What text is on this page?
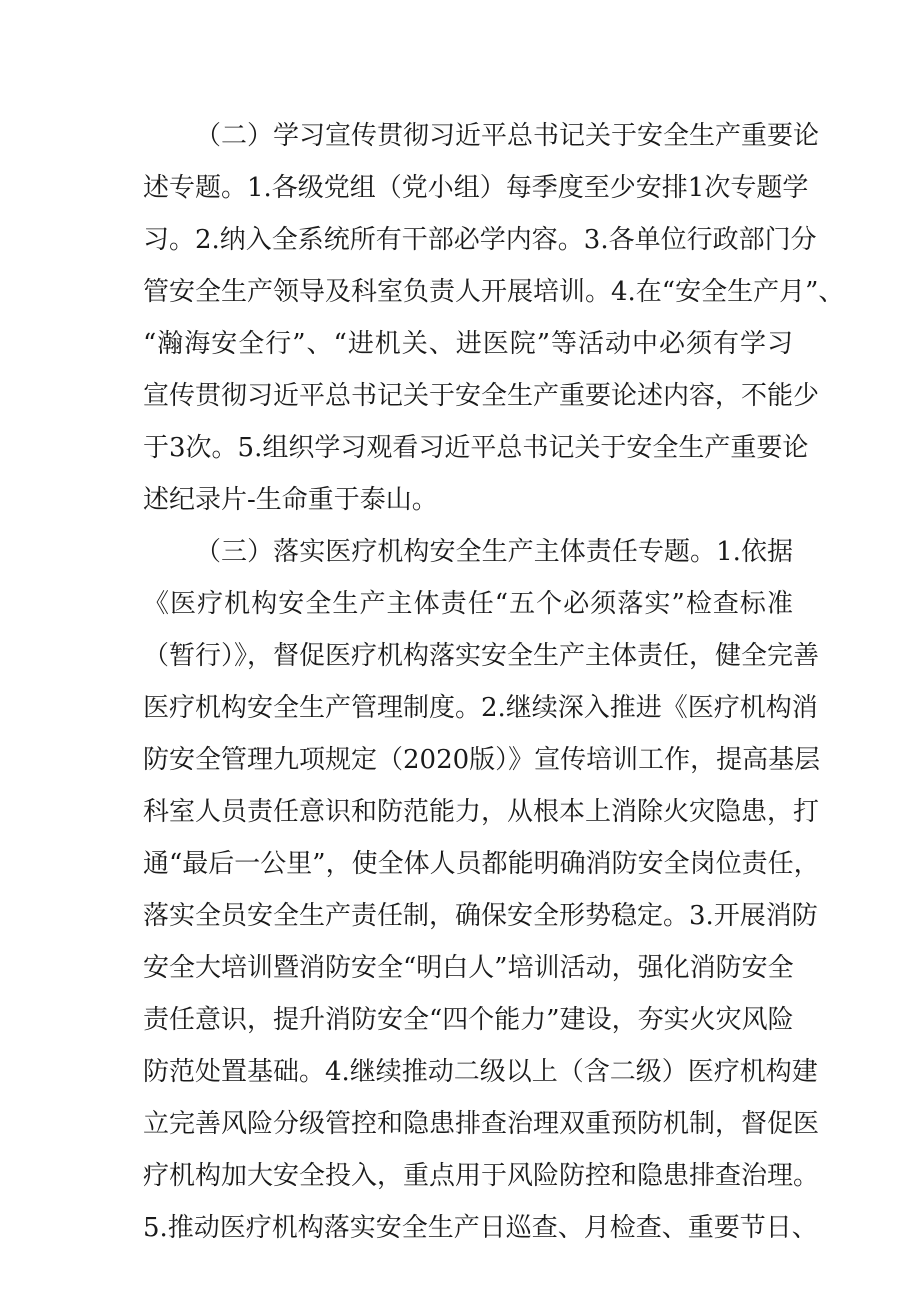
（二）学习宣传贯彻习近平总书记关于安全生产重要论
述专题。1.各级党组（党小组）每季度至少安排1次专题学
习。2.纳入全系统所有干部必学内容。3.各单位行政部门分
管安全生产领导及科室负责人开展培训。4.在“安全生产月”、
“瀚海安全行”、“进机关、进医院”等活动中必须有学习
宣传贯彻习近平总书记关于安全生产重要论述内容，不能少
于3次。5.组织学习观看习近平总书记关于安全生产重要论
述纪录片-生命重于泰山。
（三）落实医疗机构安全生产主体责任专题。1.依据
《医疗机构安全生产主体责任“五个必须落实”检查标准
（暂行）》，督促医疗机构落实安全生产主体责任，健全完善
医疗机构安全生产管理制度。2.继续深入推进《医疗机构消
防安全管理九项规定（2020版）》宣传培训工作，提高基层
科室人员责任意识和防范能力，从根本上消除火灾隐患，打
通“最后一公里”，使全体人员都能明确消防安全岗位责任，
落实全员安全生产责任制，确保安全形势稳定。3.开展消防
安全大培训暨消防安全“明白人”培训活动，强化消防安全
责任意识，提升消防安全“四个能力”建设，夯实火灾风险
防范处置基础。4.继续推动二级以上（含二级）医疗机构建
立完善风险分级管控和隐患排查治理双重预防机制，督促医
疗机构加大安全投入，重点用于风险防控和隐患排查治理。
5.推动医疗机构落实安全生产日巡查、月检查、重要节日、
